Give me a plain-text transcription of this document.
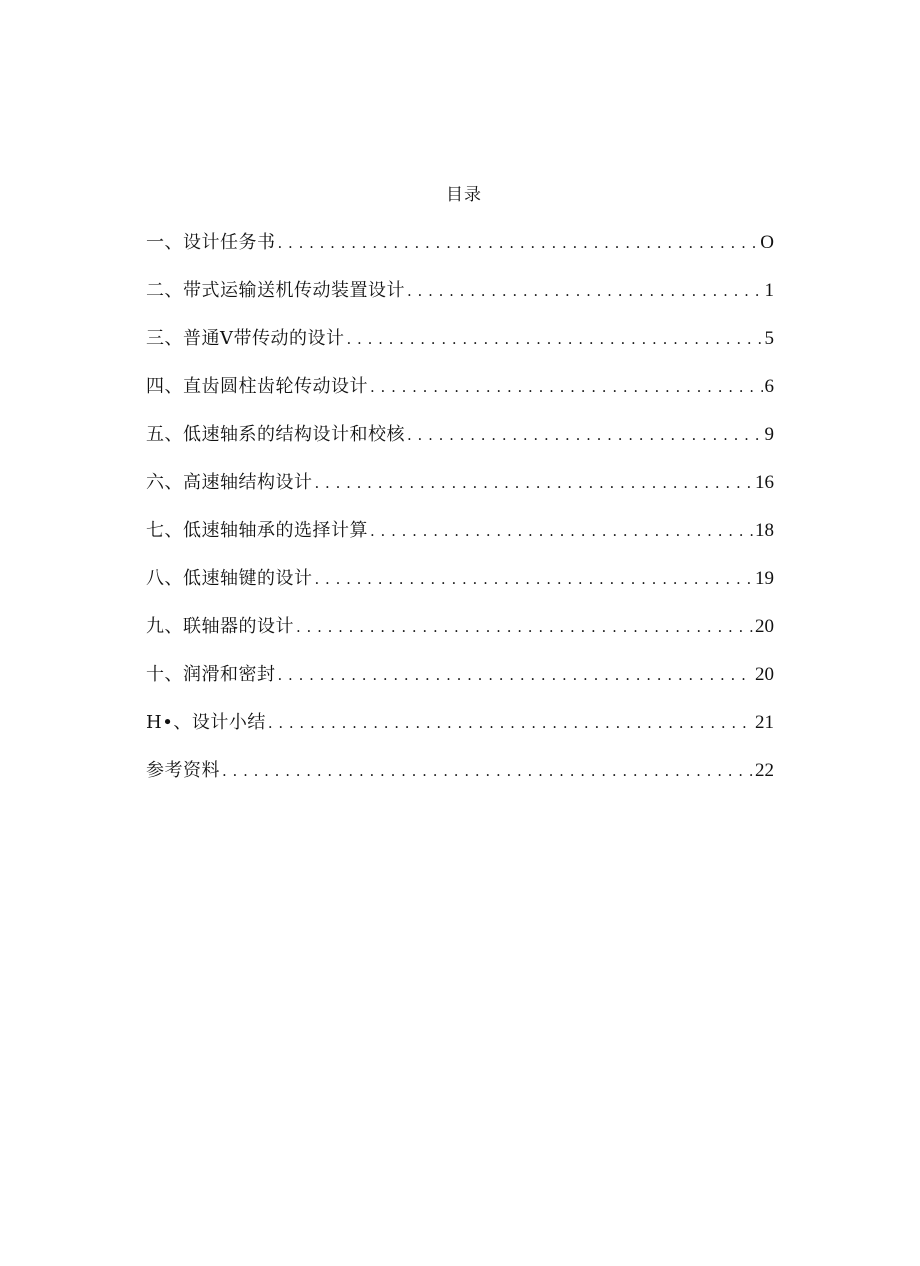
目录
一、设计任务书 . . .	O
二、带式运输送机传动装置设计 . . .	1
三、普通V带传动的设计 . . .	5
四、直齿圆柱齿轮传动设计 . . .	6
五、低速轴系的结构设计和校核 . . .	9
六、高速轴结构设计 . . .	16
七、低速轴轴承的选择计算 . . .	18
八、低速轴键的设计 . . .	19
九、联轴器的设计 . . .	20
十、润滑和密封 . . .	20
H•、设计小结 . . .	21
参考资料 . . .	22
